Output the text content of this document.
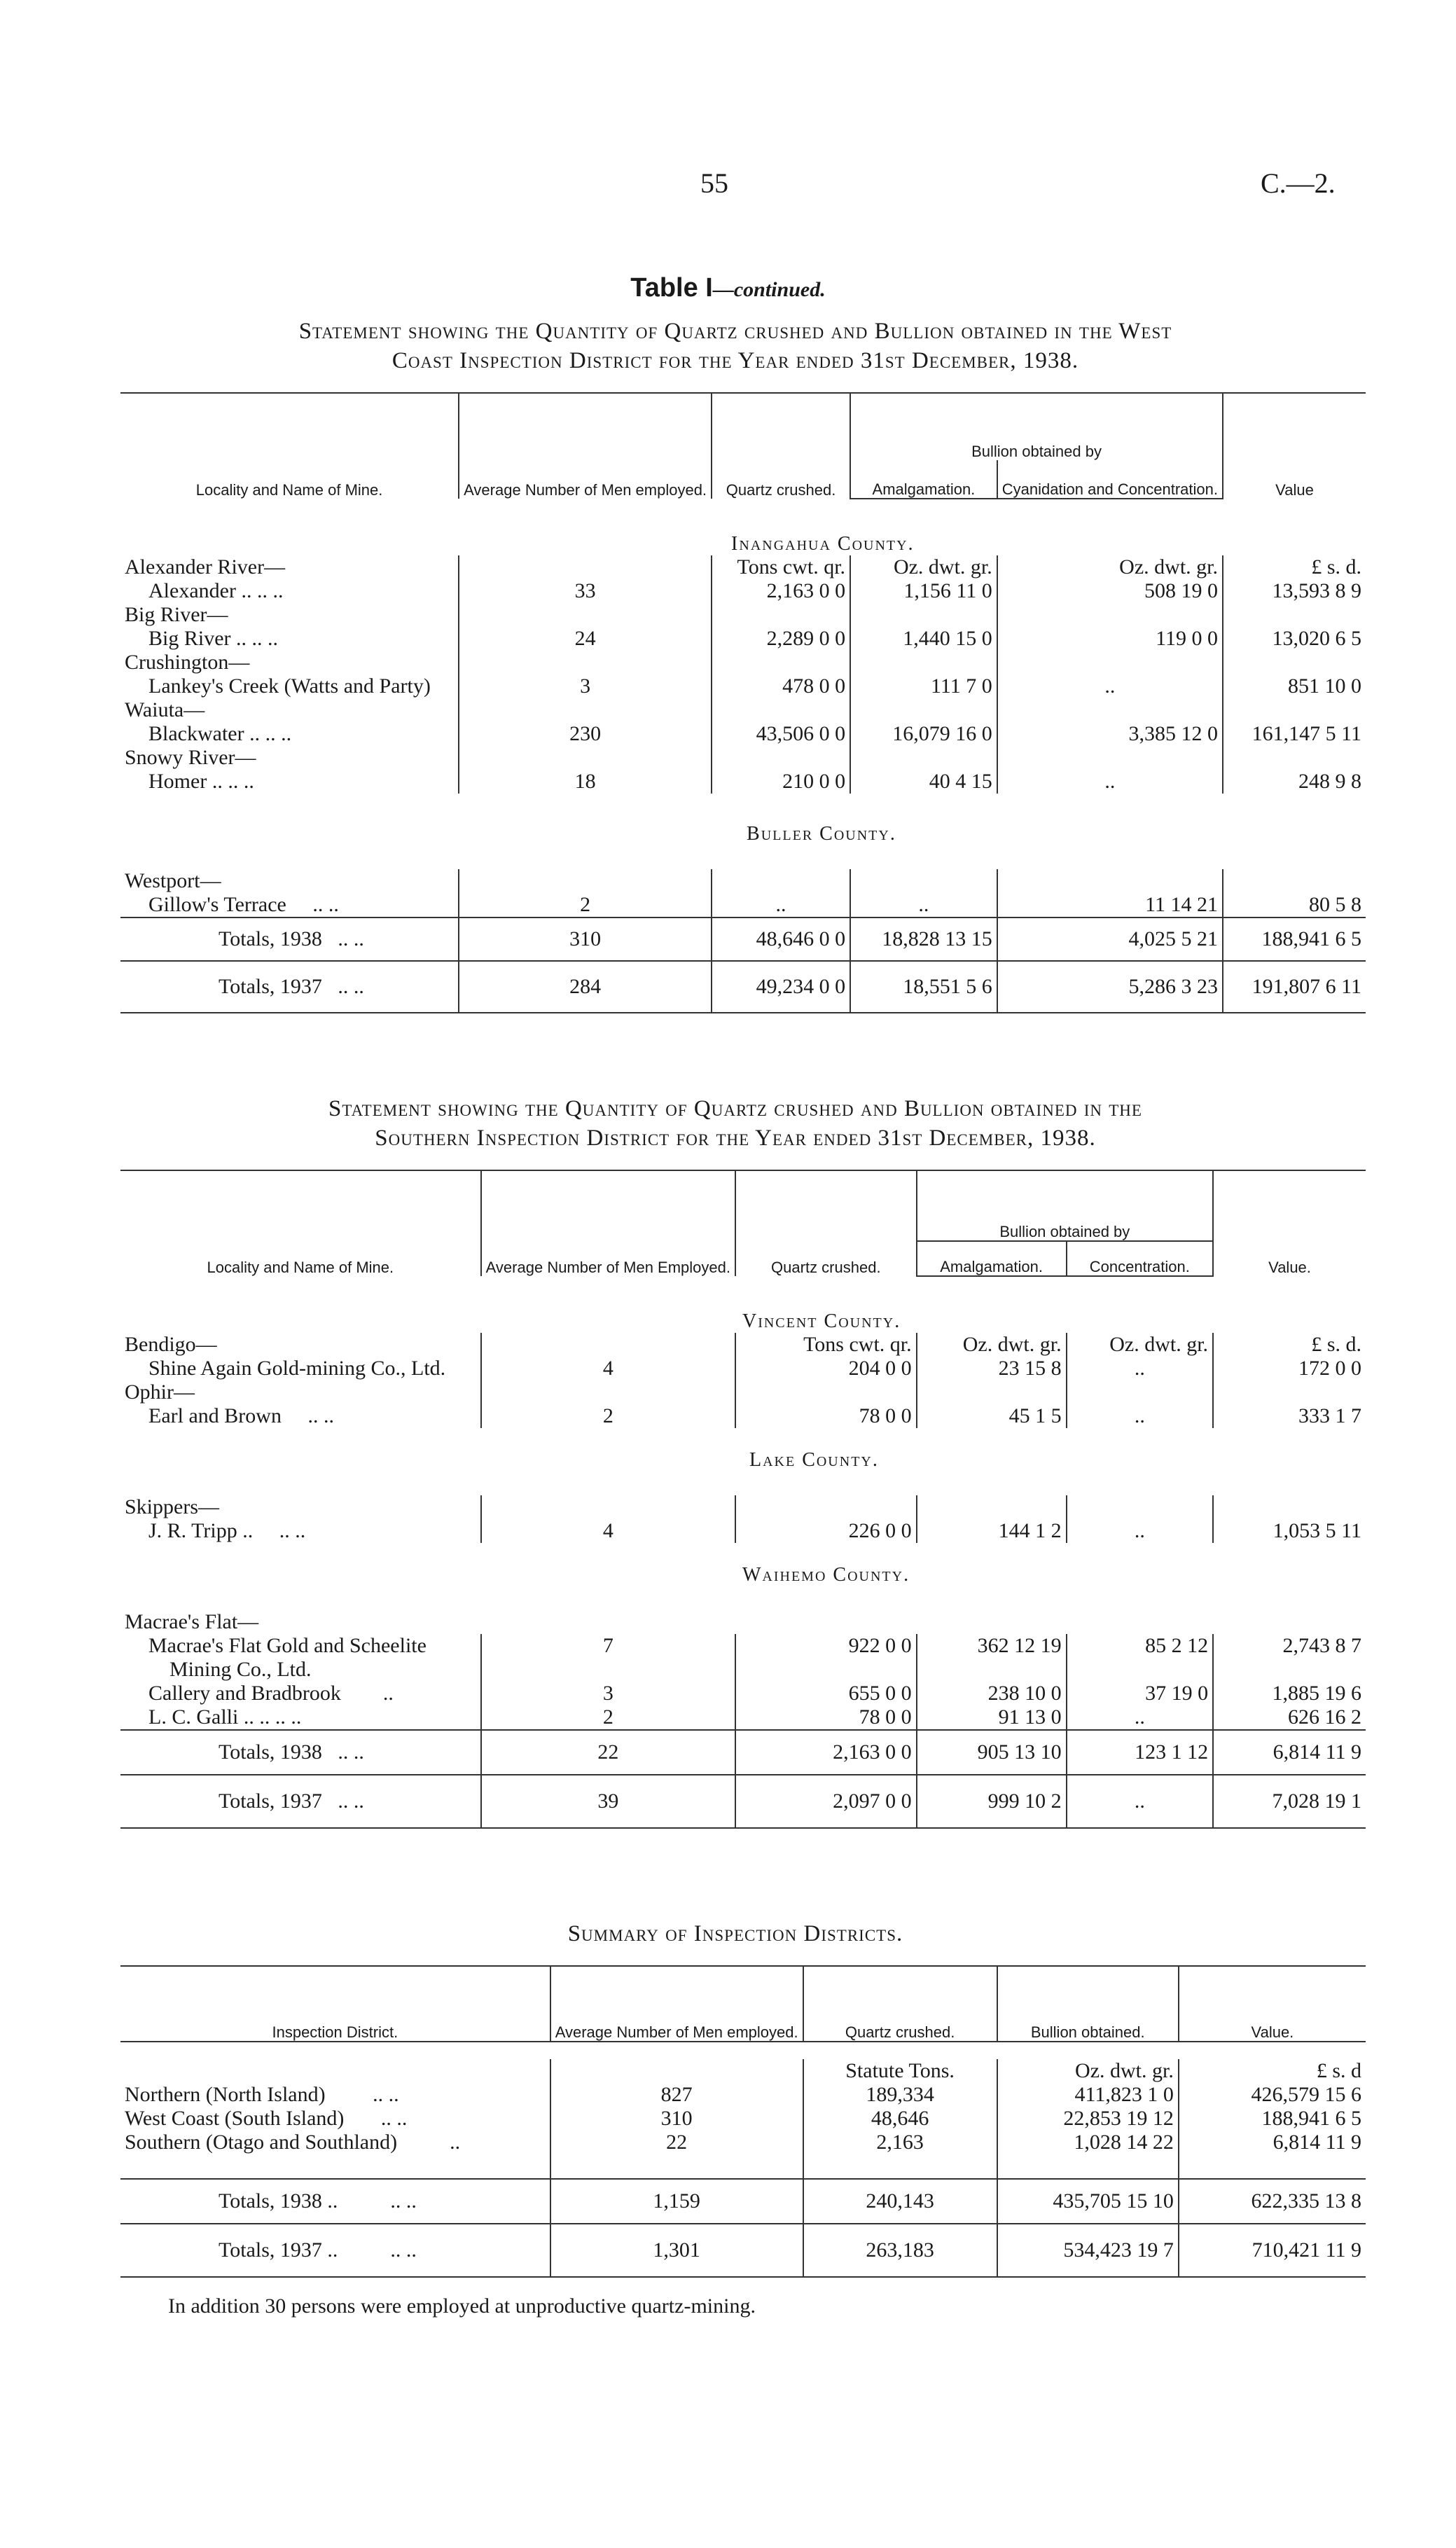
55	C.—2.
Table I—continued.
Statement showing the Quantity of Quartz crushed and Bullion obtained in the West
Coast Inspection District for the Year ended 31st December, 1938.
Locality and Name of Mine.	Average Number of Men employed.	Quartz crushed.	Bullion obtained by		Value
			Amalgamation.	Cyanidation and Concentration.	

		Inangahua County.			
Alexander River—		Tons cwt. qr.	Oz. dwt. gr.	Oz. dwt. gr.	£ s. d.
Alexander .. .. ..	33	2,163 0 0	1,156 11 0	508 19 0	13,593 8 9
Big River—					
Big River .. .. ..	24	2,289 0 0	1,440 15 0	119 0 0	13,020 6 5
Crushington—					
Lankey's Creek (Watts and Party)	3	478 0 0	111 7 0	..	851 10 0
Waiuta—					
Blackwater .. .. ..	230	43,506 0 0	16,079 16 0	3,385 12 0	161,147 5 11
Snowy River—					
Homer .. .. ..	18	210 0 0	40 4 15	..	248 9 8

		Buller County.			

Westport—					
Gillow's Terrace .. ..	2	..	..	11 14 21	80 5 8
Totals, 1938 .. ..	310	48,646 0 0	18,828 13 15	4,025 5 21	188,941 6 5
Totals, 1937 .. ..	284	49,234 0 0	18,551 5 6	5,286 3 23	191,807 6 11
Statement showing the Quantity of Quartz crushed and Bullion obtained in the
Southern Inspection District for the Year ended 31st December, 1938.
Locality and Name of Mine.	Average Number of Men Employed.	Quartz crushed.	Bullion obtained by		Value.
			Amalgamation.	Concentration.	

		Vincent County.			
Bendigo—		Tons cwt. qr.	Oz. dwt. gr.	Oz. dwt. gr.	£ s. d.
Shine Again Gold-mining Co., Ltd.	4	204 0 0	23 15 8	..	172 0 0
Ophir—					
Earl and Brown .. ..	2	78 0 0	45 1 5	..	333 1 7

		Lake County.			

Skippers—					
J. R. Tripp .. .. ..	4	226 0 0	144 1 2	..	1,053 5 11

		Waihemo County.			

Macrae's Flat—					
Macrae's Flat Gold and Scheelite	7	922 0 0	362 12 19	85 2 12	2,743 8 7
Mining Co., Ltd.					
Callery and Bradbrook ..	3	655 0 0	238 10 0	37 19 0	1,885 19 6
L. C. Galli .. .. .. ..	2	78 0 0	91 13 0	..	626 16 2
Totals, 1938 .. ..	22	2,163 0 0	905 13 10	123 1 12	6,814 11 9
Totals, 1937 .. ..	39	2,097 0 0	999 10 2	..	7,028 19 1
Summary of Inspection Districts.
Inspection District.	Average Number of Men employed.	Quartz crushed.	Bullion obtained.	Value.

		Statute Tons.	Oz. dwt. gr.	£ s. d
Northern (North Island) .. ..	827	189,334	411,823 1 0	426,579 15 6
West Coast (South Island) .. ..	310	48,646	22,853 19 12	188,941 6 5
Southern (Otago and Southland) ..	22	2,163	1,028 14 22	6,814 11 9

Totals, 1938 .. .. ..	1,159	240,143	435,705 15 10	622,335 13 8
Totals, 1937 .. .. ..	1,301	263,183	534,423 19 7	710,421 11 9
In addition 30 persons were employed at unproductive quartz-mining.
